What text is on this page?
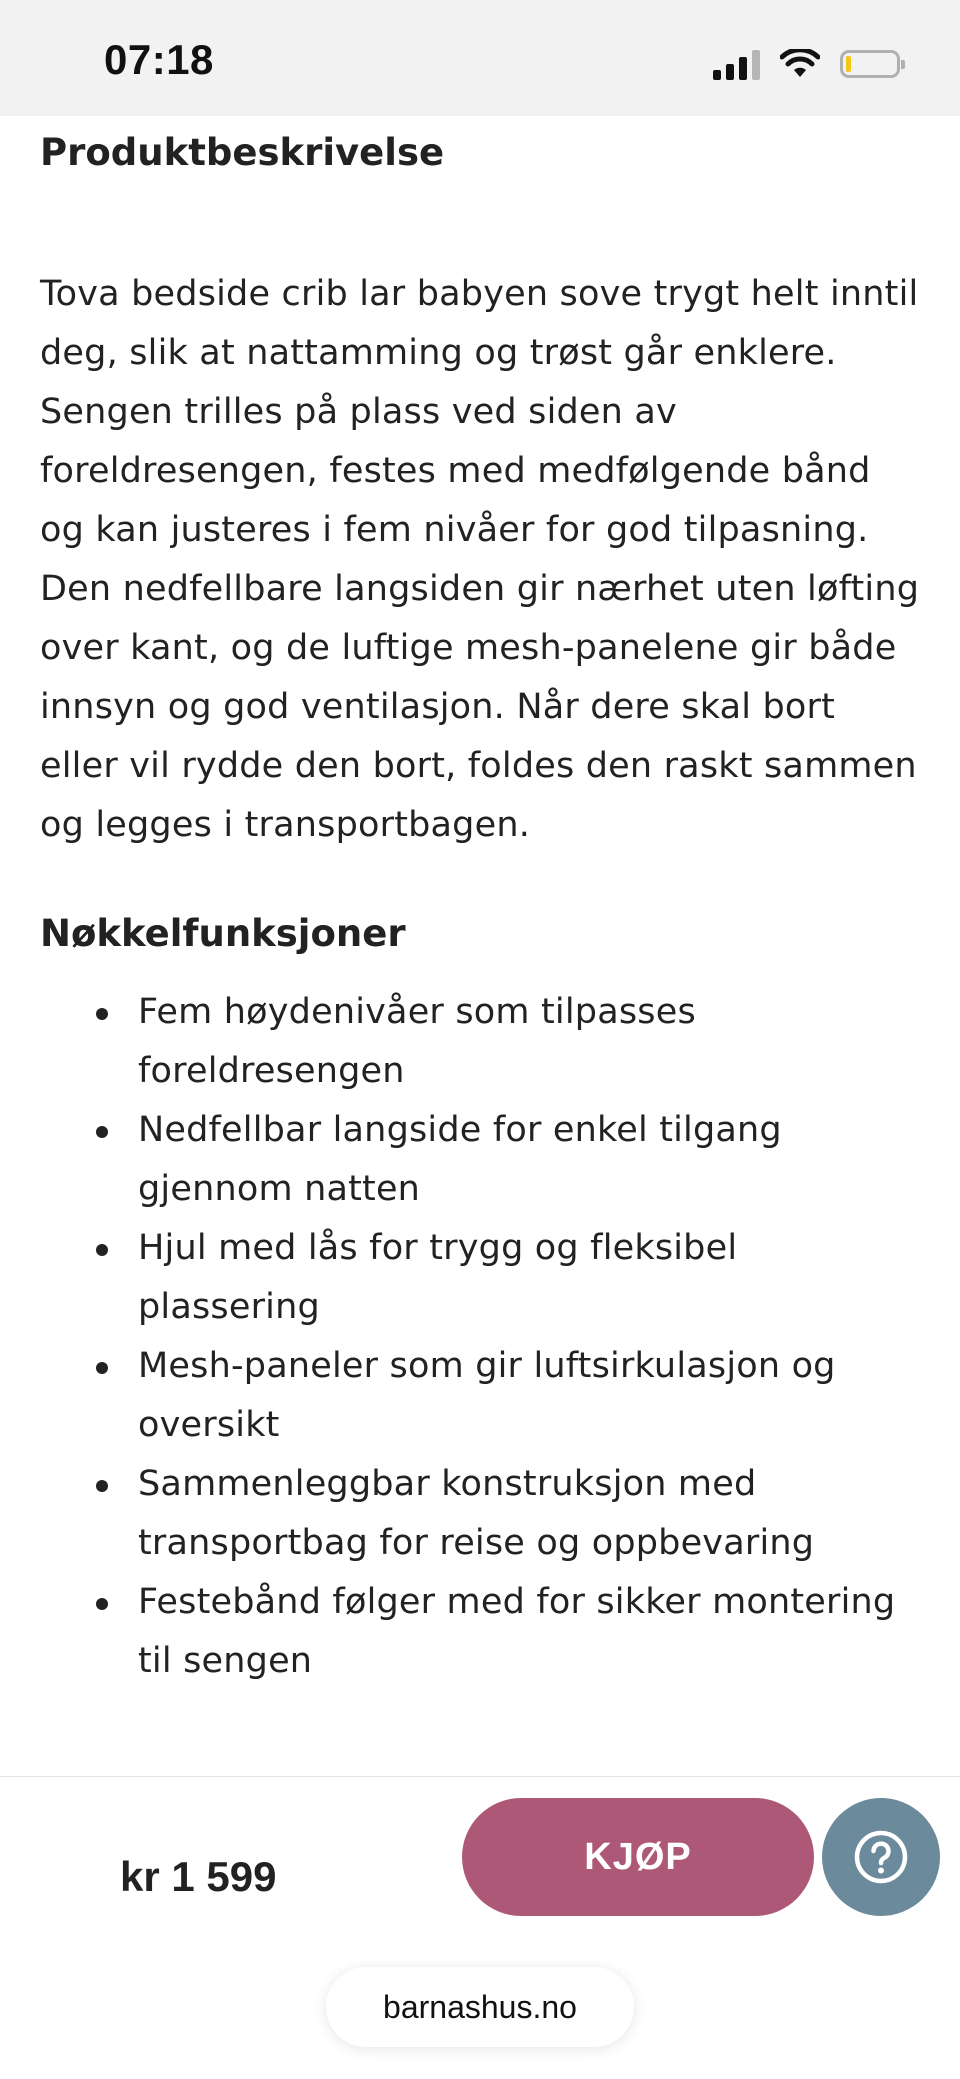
07:18
Produktbeskrivelse

Tova bedside crib lar babyen sove trygt helt inntil deg, slik at nattamming og trøst går enklere. Sengen trilles på plass ved siden av foreldresengen, festes med medfølgende bånd og kan justeres i fem nivåer for god tilpasning. Den nedfellbare langsiden gir nærhet uten løfting over kant, og de luftige mesh-panelene gir både innsyn og god ventilasjon. Når dere skal bort eller vil rydde den bort, foldes den raskt sammen og legges i transportbagen.

Nøkkelfunksjoner
Fem høydenivåer som tilpasses foreldresengen
Nedfellbar langside for enkel tilgang gjennom natten
Hjul med lås for trygg og fleksibel plassering
Mesh-paneler som gir luftsirkulasjon og oversikt
Sammenleggbar konstruksjon med transportbag for reise og oppbevaring
Festebånd følger med for sikker montering til sengen
kr 1 599	KJØP
barnashus.no
